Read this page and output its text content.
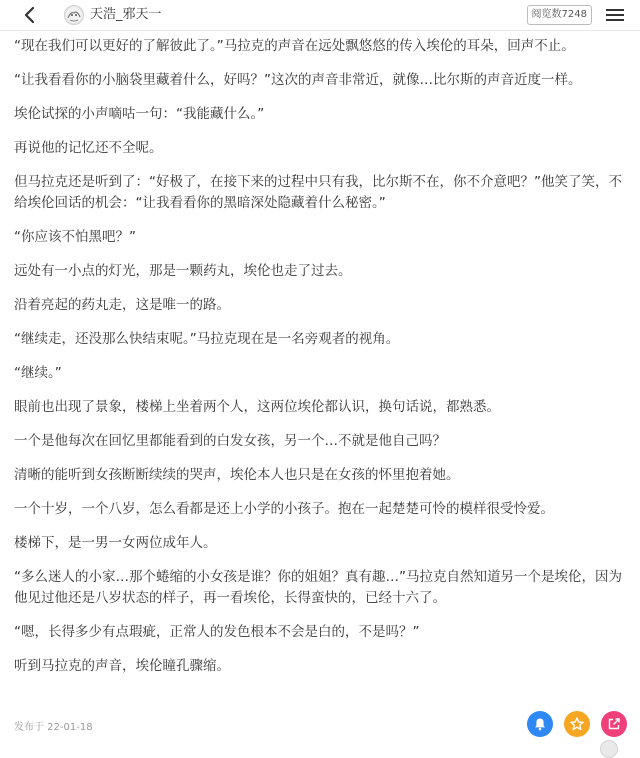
天浩_邪天一	阅览数7248

“现在我们可以更好的了解彼此了。”马拉克的声音在远处飘悠悠的传入埃伦的耳朵，回声不止。

“让我看看你的小脑袋里藏着什么，好吗？”这次的声音非常近，就像…比尔斯的声音近度一样。

埃伦试探的小声嘀咕一句：“我能藏什么。”

再说他的记忆还不全呢。

但马拉克还是听到了：“好极了，在接下来的过程中只有我，比尔斯不在，你不介意吧？”他笑了笑，不给埃伦回话的机会：“让我看看你的黑暗深处隐藏着什么秘密。”

“你应该不怕黑吧？”

远处有一小点的灯光，那是一颗药丸，埃伦也走了过去。

沿着亮起的药丸走，这是唯一的路。

“继续走，还没那么快结束呢。”马拉克现在是一名旁观者的视角。

“继续。”

眼前也出现了景象，楼梯上坐着两个人，这两位埃伦都认识，换句话说，都熟悉。

一个是他每次在回忆里都能看到的白发女孩，另一个…不就是他自己吗？

清晰的能听到女孩断断续续的哭声，埃伦本人也只是在女孩的怀里抱着她。

一个十岁，一个八岁，怎么看都是还上小学的小孩子。抱在一起楚楚可怜的模样很受怜爱。

楼梯下，是一男一女两位成年人。

“多么迷人的小家…那个蜷缩的小女孩是谁？你的姐姐？真有趣…”马拉克自然知道另一个是埃伦，因为他见过他还是八岁状态的样子，再一看埃伦，长得蛮快的，已经十六了。

“嗯，长得多少有点瑕疵，正常人的发色根本不会是白的，不是吗？”

听到马拉克的声音，埃伦瞳孔骤缩。

发布于 22-01-18
